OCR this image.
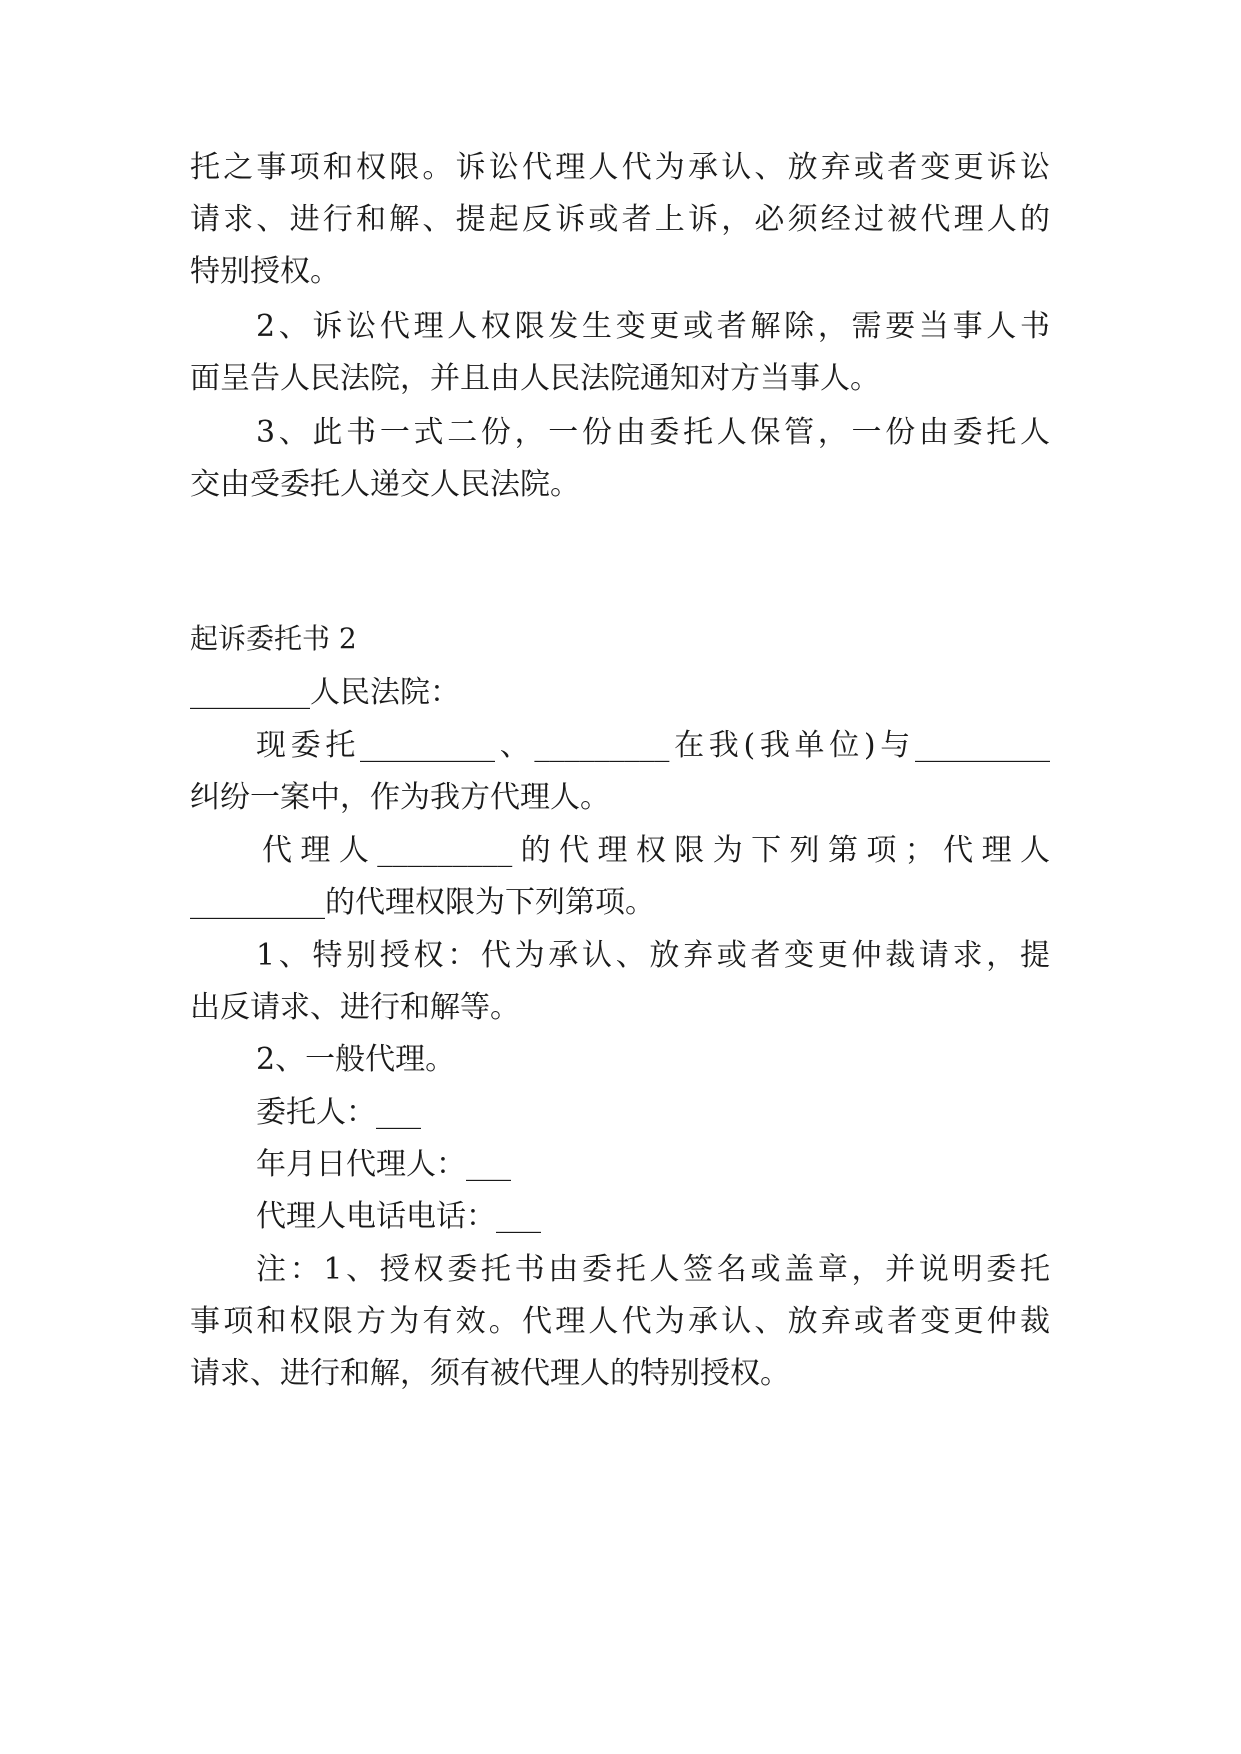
托之事项和权限。诉讼代理人代为承认、放弃或者变更诉讼
请求、进行和解、提起反诉或者上诉，必须经过被代理人的
特别授权。
2、诉讼代理人权限发生变更或者解除，需要当事人书
面呈告人民法院，并且由人民法院通知对方当事人。
3、此书一式二份，一份由委托人保管，一份由委托人
交由受委托人递交人民法院。
起诉委托书 2
________人民法院：
现委托_________、_________在我(我单位)与_________
纠纷一案中，作为我方代理人。
代理人_________的代理权限为下列第项；代理人
_________的代理权限为下列第项。
1、特别授权：代为承认、放弃或者变更仲裁请求，提
出反请求、进行和解等。
2、一般代理。
委托人：___
年月日代理人：___
代理人电话电话：___
注：1、授权委托书由委托人签名或盖章，并说明委托
事项和权限方为有效。代理人代为承认、放弃或者变更仲裁
请求、进行和解，须有被代理人的特别授权。
